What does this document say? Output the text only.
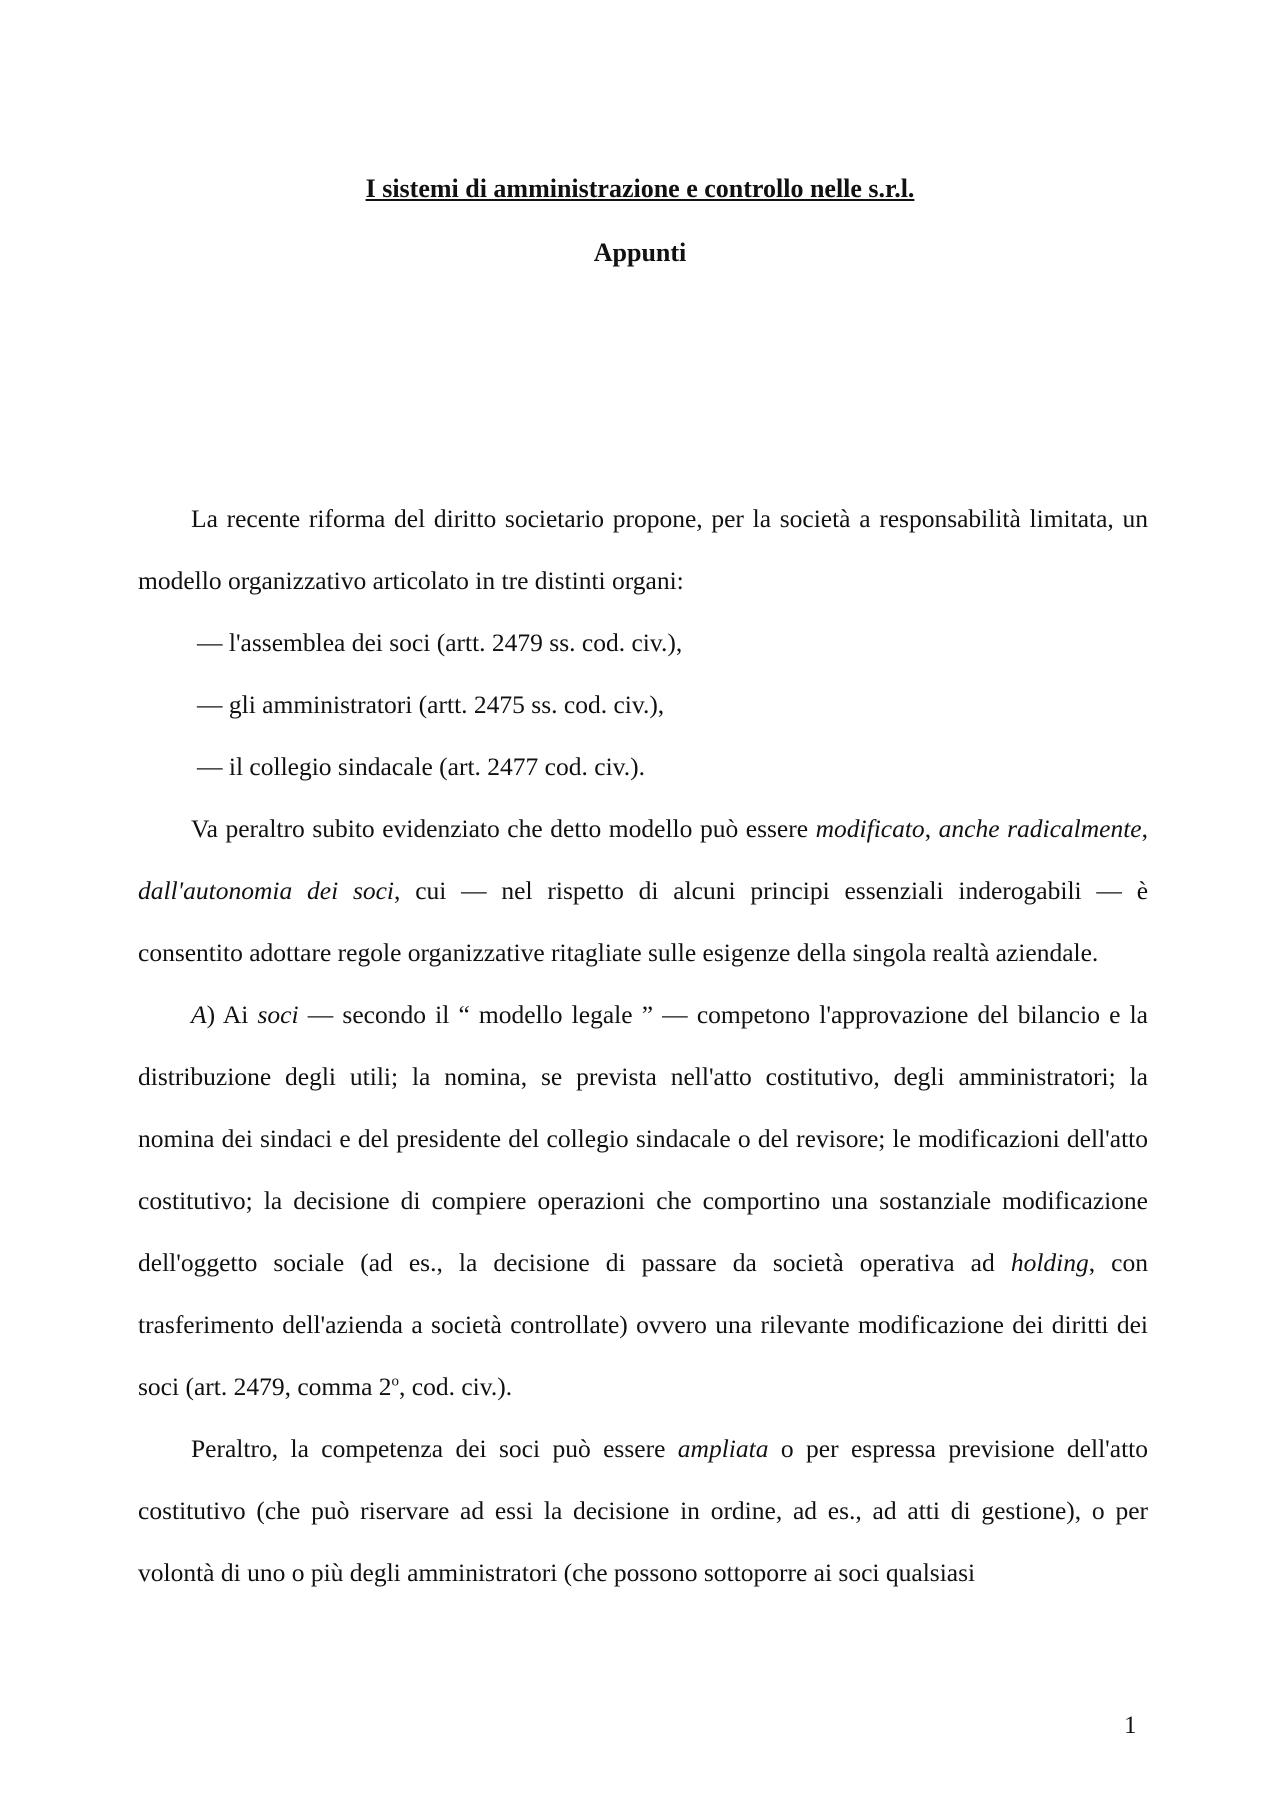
I sistemi di amministrazione e controllo nelle s.r.l.
Appunti

La recente riforma del diritto societario propone, per la società a responsabilità limitata, un modello organizzativo articolato in tre distinti organi:

— l'assemblea dei soci (artt. 2479 ss. cod. civ.),

— gli amministratori (artt. 2475 ss. cod. civ.),

— il collegio sindacale (art. 2477 cod. civ.).

Va peraltro subito evidenziato che detto modello può essere modificato, anche radicalmente, dall'autonomia dei soci, cui — nel rispetto di alcuni principi essenziali inderogabili — è consentito adottare regole organizzative ritagliate sulle esigenze della singola realtà aziendale.

A) Ai soci — secondo il “ modello legale ” — competono l'approvazione del bilancio e la distribuzione degli utili; la nomina, se prevista nell'atto costitutivo, degli amministratori; la nomina dei sindaci e del presidente del collegio sindacale o del revisore; le modificazioni dell'atto costitutivo; la decisione di compiere operazioni che comportino una sostanziale modificazione dell'oggetto sociale (ad es., la decisione di passare da società operativa ad holding, con trasferimento dell'azienda a società controllate) ovvero una rilevante modificazione dei diritti dei soci (art. 2479, comma 2$^o$, cod. civ.).

Peraltro, la competenza dei soci può essere ampliata o per espressa previsione dell'atto costitutivo (che può riservare ad essi la decisione in ordine, ad es., ad atti di gestione), o per volontà di uno o più degli amministratori (che possono sottoporre ai soci qualsiasi

1
